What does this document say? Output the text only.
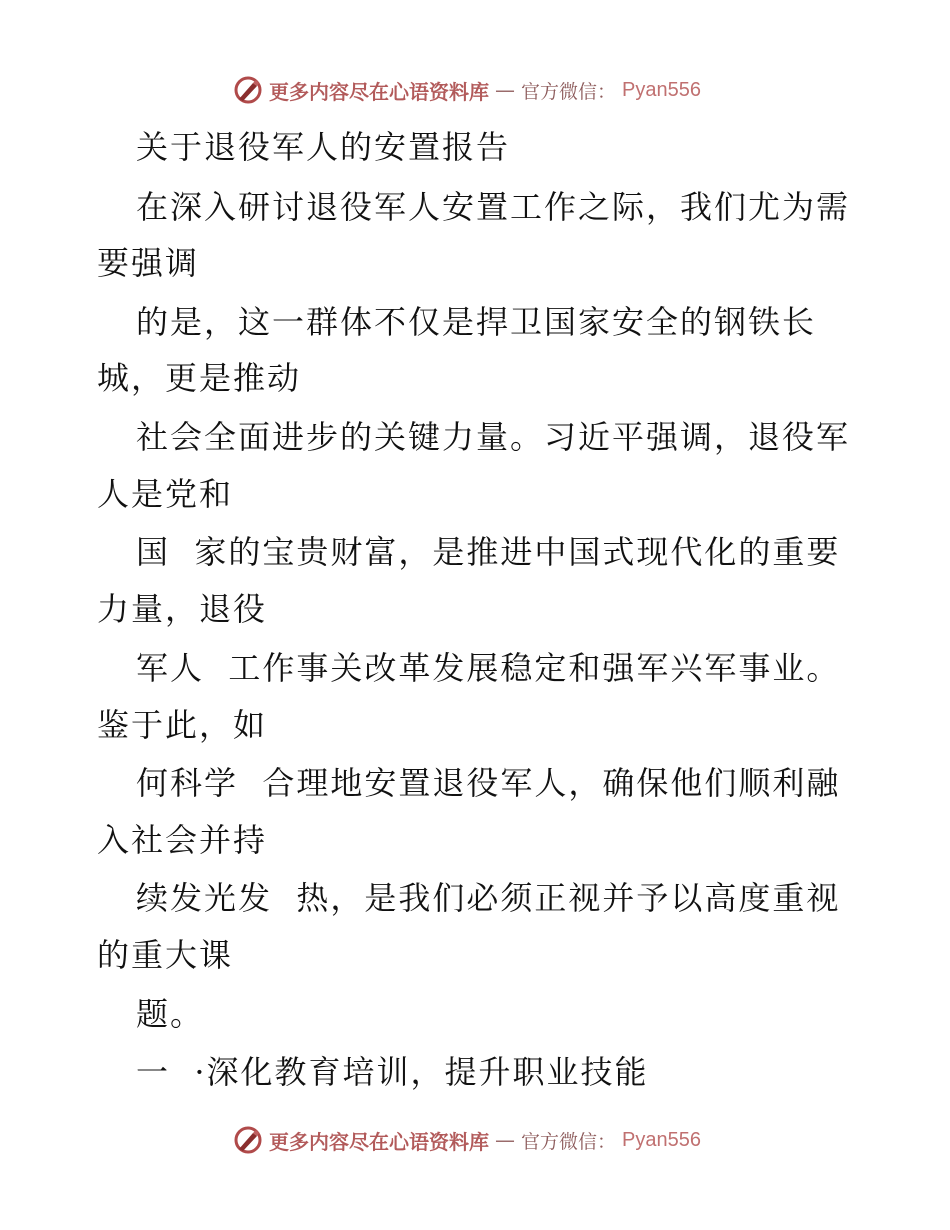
更多内容尽在心语资料库 — 官方微信： Pyan556
关于退役军人的安置报告
在深入研讨退役军人安置工作之际，我们尤为需
要强调
的是，这一群体不仅是捍卫国家安全的钢铁长
城，更是推动
社会全面进步的关键力量。习近平强调，退役军
人是党和
国  家的宝贵财富，是推进中国式现代化的重要
力量，退役
军人  工作事关改革发展稳定和强军兴军事业。
鉴于此，如
何科学  合理地安置退役军人，确保他们顺利融
入社会并持
续发光发  热，是我们必须正视并予以高度重视
的重大课
题。
一  ·深化教育培训，提升职业技能
更多内容尽在心语资料库 — 官方微信： Pyan556
